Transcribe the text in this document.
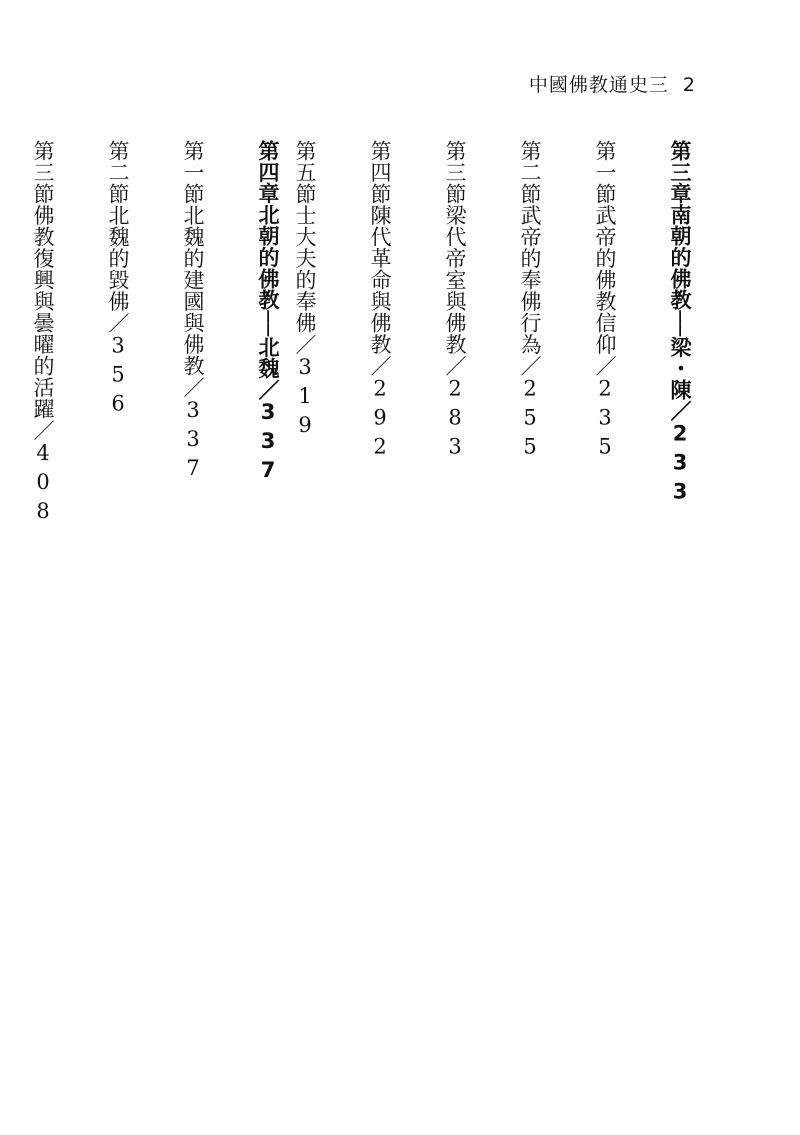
中國佛教通史三 2
第三章南朝的佛教──梁・陳／233
第一節武帝的佛教信仰／235
第二節武帝的奉佛行為／255
第三節梁代帝室與佛教／283
第四節陳代革命與佛教／292
第五節士大夫的奉佛／319
第四章北朝的佛教──北魏／337
第一節北魏的建國與佛教／337
第二節北魏的毀佛／356
第三節佛教復興與曇曜的活躍／408
